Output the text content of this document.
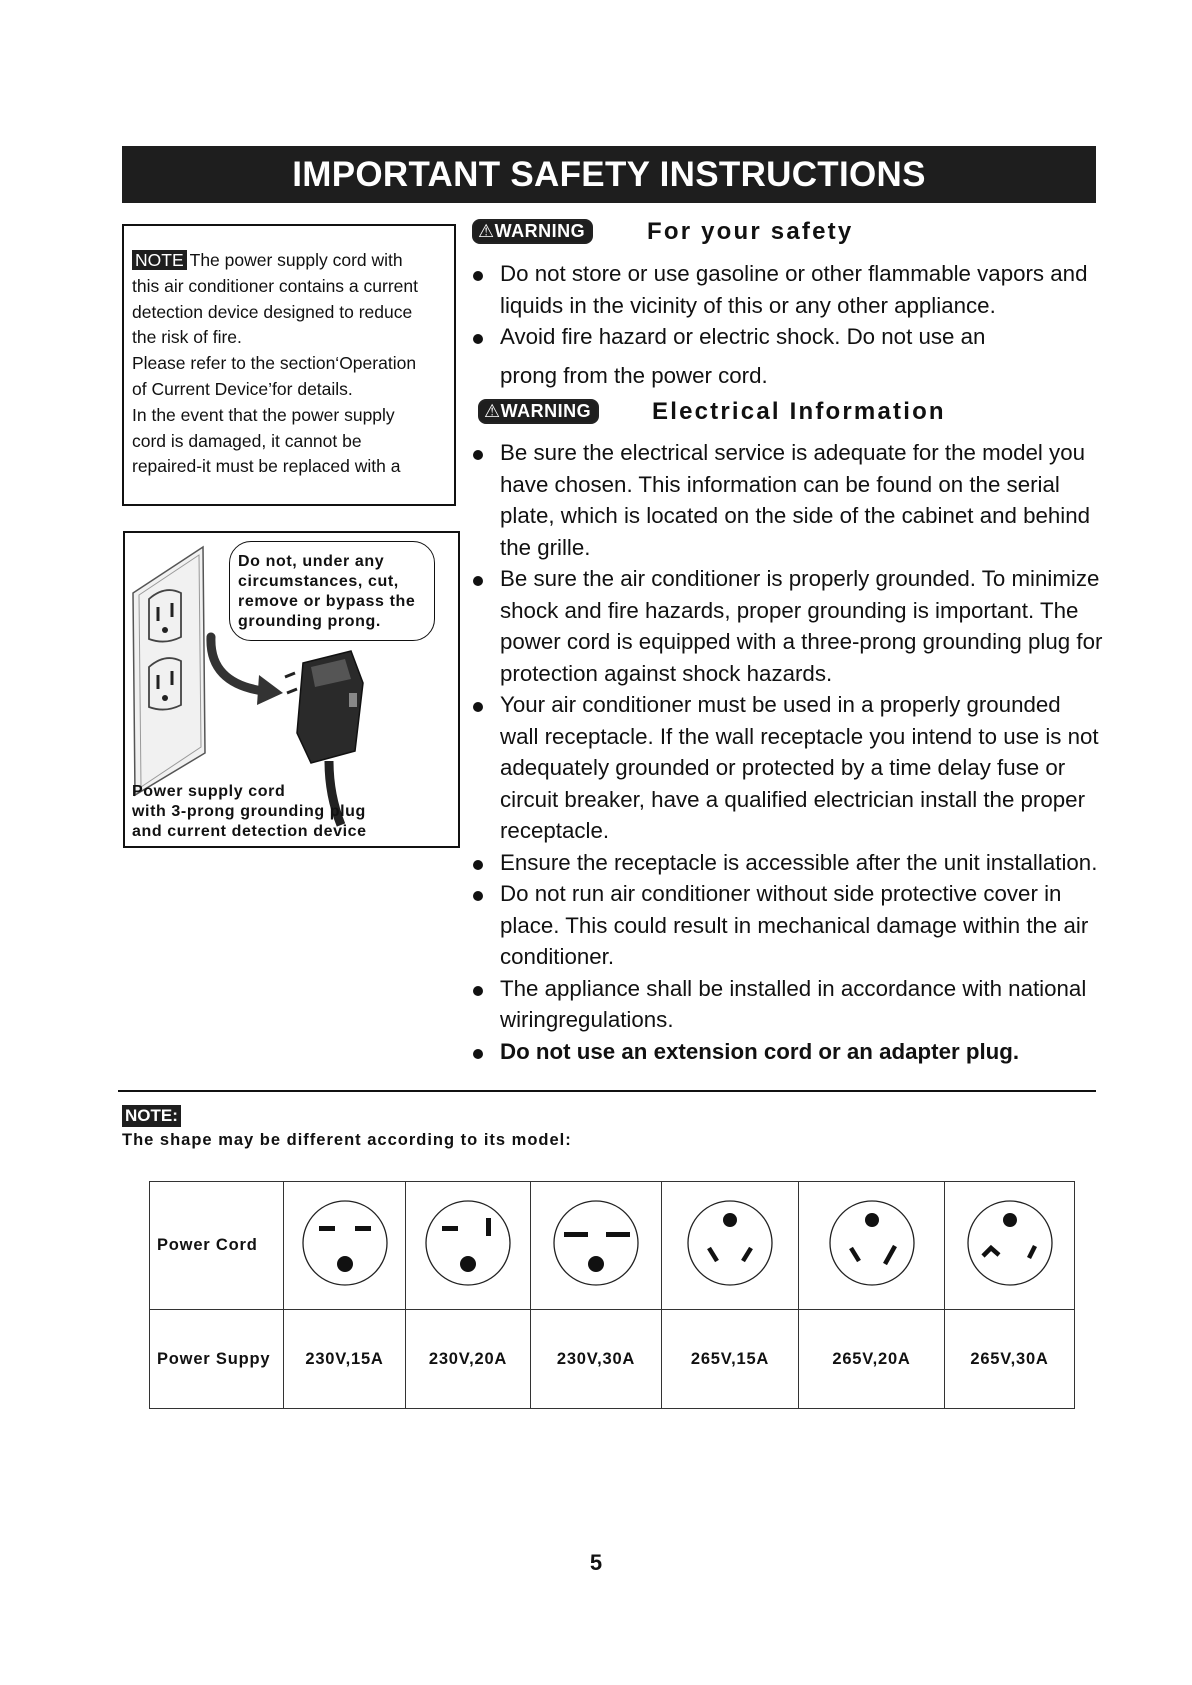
IMPORTANT SAFETY INSTRUCTIONS
NOTE The power supply cord with
this air conditioner contains a current
detection device designed to reduce
the risk of fire.
Please refer to the section‘Operation
of Current Device’for details.
In the event that the power supply
cord is damaged, it cannot be
repaired-it must be replaced with a
Do not, under any
circumstances, cut,
remove or bypass the
grounding prong.
Power supply cord
with 3-prong grounding plug
and current detection device
⚠WARNING	For your safety
Do not store or use gasoline or other flammable vapors and liquids in the vicinity of this or any other appliance.
Avoid fire hazard or electric shock. Do not use an
prong from the power cord.
⚠WARNING	Electrical Information
Be sure the electrical service is adequate for the model you have chosen. This information can be found on the serial plate, which is located on the side of the cabinet and behind the grille.
Be sure the air conditioner is properly grounded. To minimize shock and fire hazards, proper grounding is important. The power cord is equipped with a three-prong grounding plug for protection against shock hazards.
Your air conditioner must be used in a properly grounded wall receptacle. If the wall receptacle you intend to use is not adequately grounded or protected by a time delay fuse or circuit breaker, have a qualified electrician install the proper receptacle.
Ensure the receptacle is accessible after the unit installation.
Do not run air conditioner without side protective cover in place. This could result in mechanical damage within the air conditioner.
The appliance shall be installed in accordance with national wiringregulations.
Do not use an extension cord or an adapter plug.
NOTE:
The shape may be different according to its model:
Power Cord						
Power Suppy	230V,15A	230V,20A	230V,30A	265V,15A	265V,20A	265V,30A
5
